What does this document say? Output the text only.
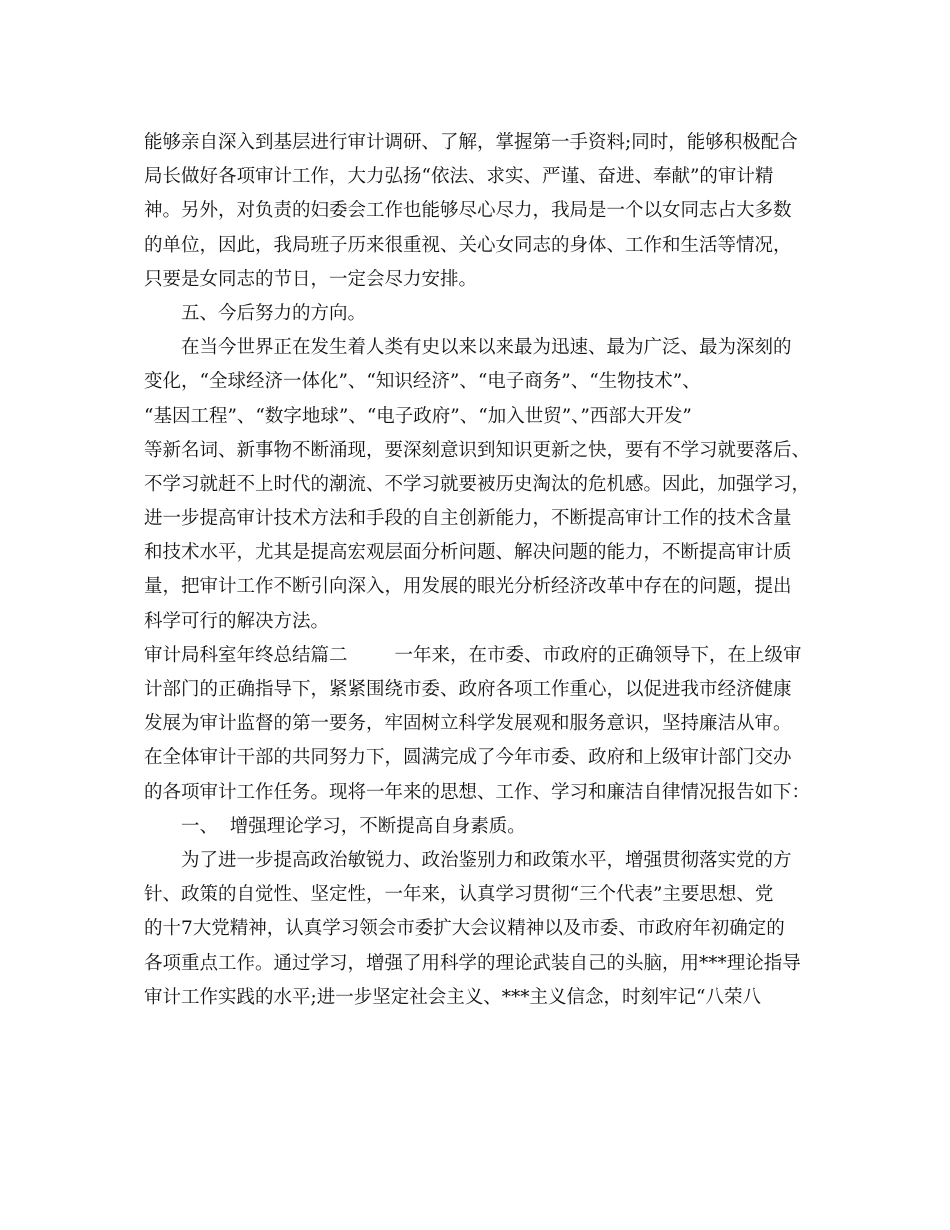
能够亲自深入到基层进行审计调研、了解，掌握第一手资料;同时，能够积极配合
局长做好各项审计工作，大力弘扬“依法、求实、严谨、奋进、奉献”的审计精
神。另外，对负责的妇委会工作也能够尽心尽力，我局是一个以女同志占大多数
的单位，因此，我局班子历来很重视、关心女同志的身体、工作和生活等情况，
只要是女同志的节日，一定会尽力安排。
五、今后努力的方向。
在当今世界正在发生着人类有史以来以来最为迅速、最为广泛、最为深刻的
变化，“全球经济一体化”、“知识经济”、“电子商务”、“生物技术”、
“基因工程”、“数字地球”、“电子政府”、“加入世贸”、”西部大开发”
等新名词、新事物不断涌现，要深刻意识到知识更新之快，要有不学习就要落后、
不学习就赶不上时代的潮流、不学习就要被历史淘汰的危机感。因此，加强学习，
进一步提高审计技术方法和手段的自主创新能力，不断提高审计工作的技术含量
和技术水平，尤其是提高宏观层面分析问题、解决问题的能力，不断提高审计质
量，把审计工作不断引向深入，用发展的眼光分析经济改革中存在的问题，提出
科学可行的解决方法。
审计局科室年终总结篇二        一年来，在市委、市政府的正确领导下，在上级审
计部门的正确指导下，紧紧围绕市委、政府各项工作重心，以促进我市经济健康
发展为审计监督的第一要务，牢固树立科学发展观和服务意识，坚持廉洁从审。
在全体审计干部的共同努力下，圆满完成了今年市委、政府和上级审计部门交办
的各项审计工作任务。现将一年来的思想、工作、学习和廉洁自律情况报告如下：
一、  增强理论学习，不断提高自身素质。
为了进一步提高政治敏锐力、政治鉴别力和政策水平，增强贯彻落实党的方
针、政策的自觉性、坚定性，一年来，认真学习贯彻“三个代表”主要思想、党
的十7大党精神，认真学习领会市委扩大会议精神以及市委、市政府年初确定的
各项重点工作。通过学习，增强了用科学的理论武装自己的头脑，用***理论指导
审计工作实践的水平;进一步坚定社会主义、***主义信念，时刻牢记“八荣八
